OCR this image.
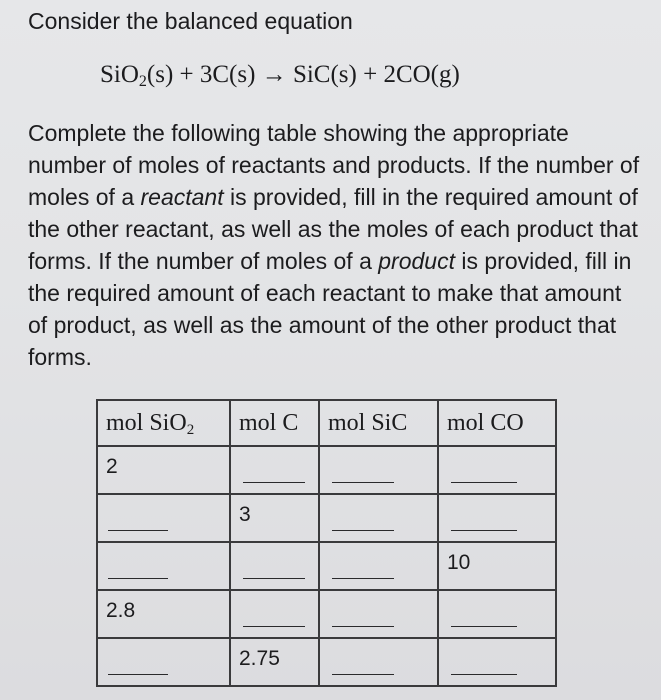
Consider the balanced equation

SiO$_2$(s) + 3C(s) → SiC(s) + 2CO(g)

Complete the following table showing the appropriate number of moles of reactants and products. If the number of moles of a reactant is provided, fill in the required amount of the other reactant, as well as the moles of each product that forms. If the number of moles of a product is provided, fill in the required amount of each reactant to make that amount of product, as well as the amount of the other product that forms.

mol SiO$_2$	mol C	mol SiC	mol CO

2			

	3		

			10

2.8			

	2.75		
